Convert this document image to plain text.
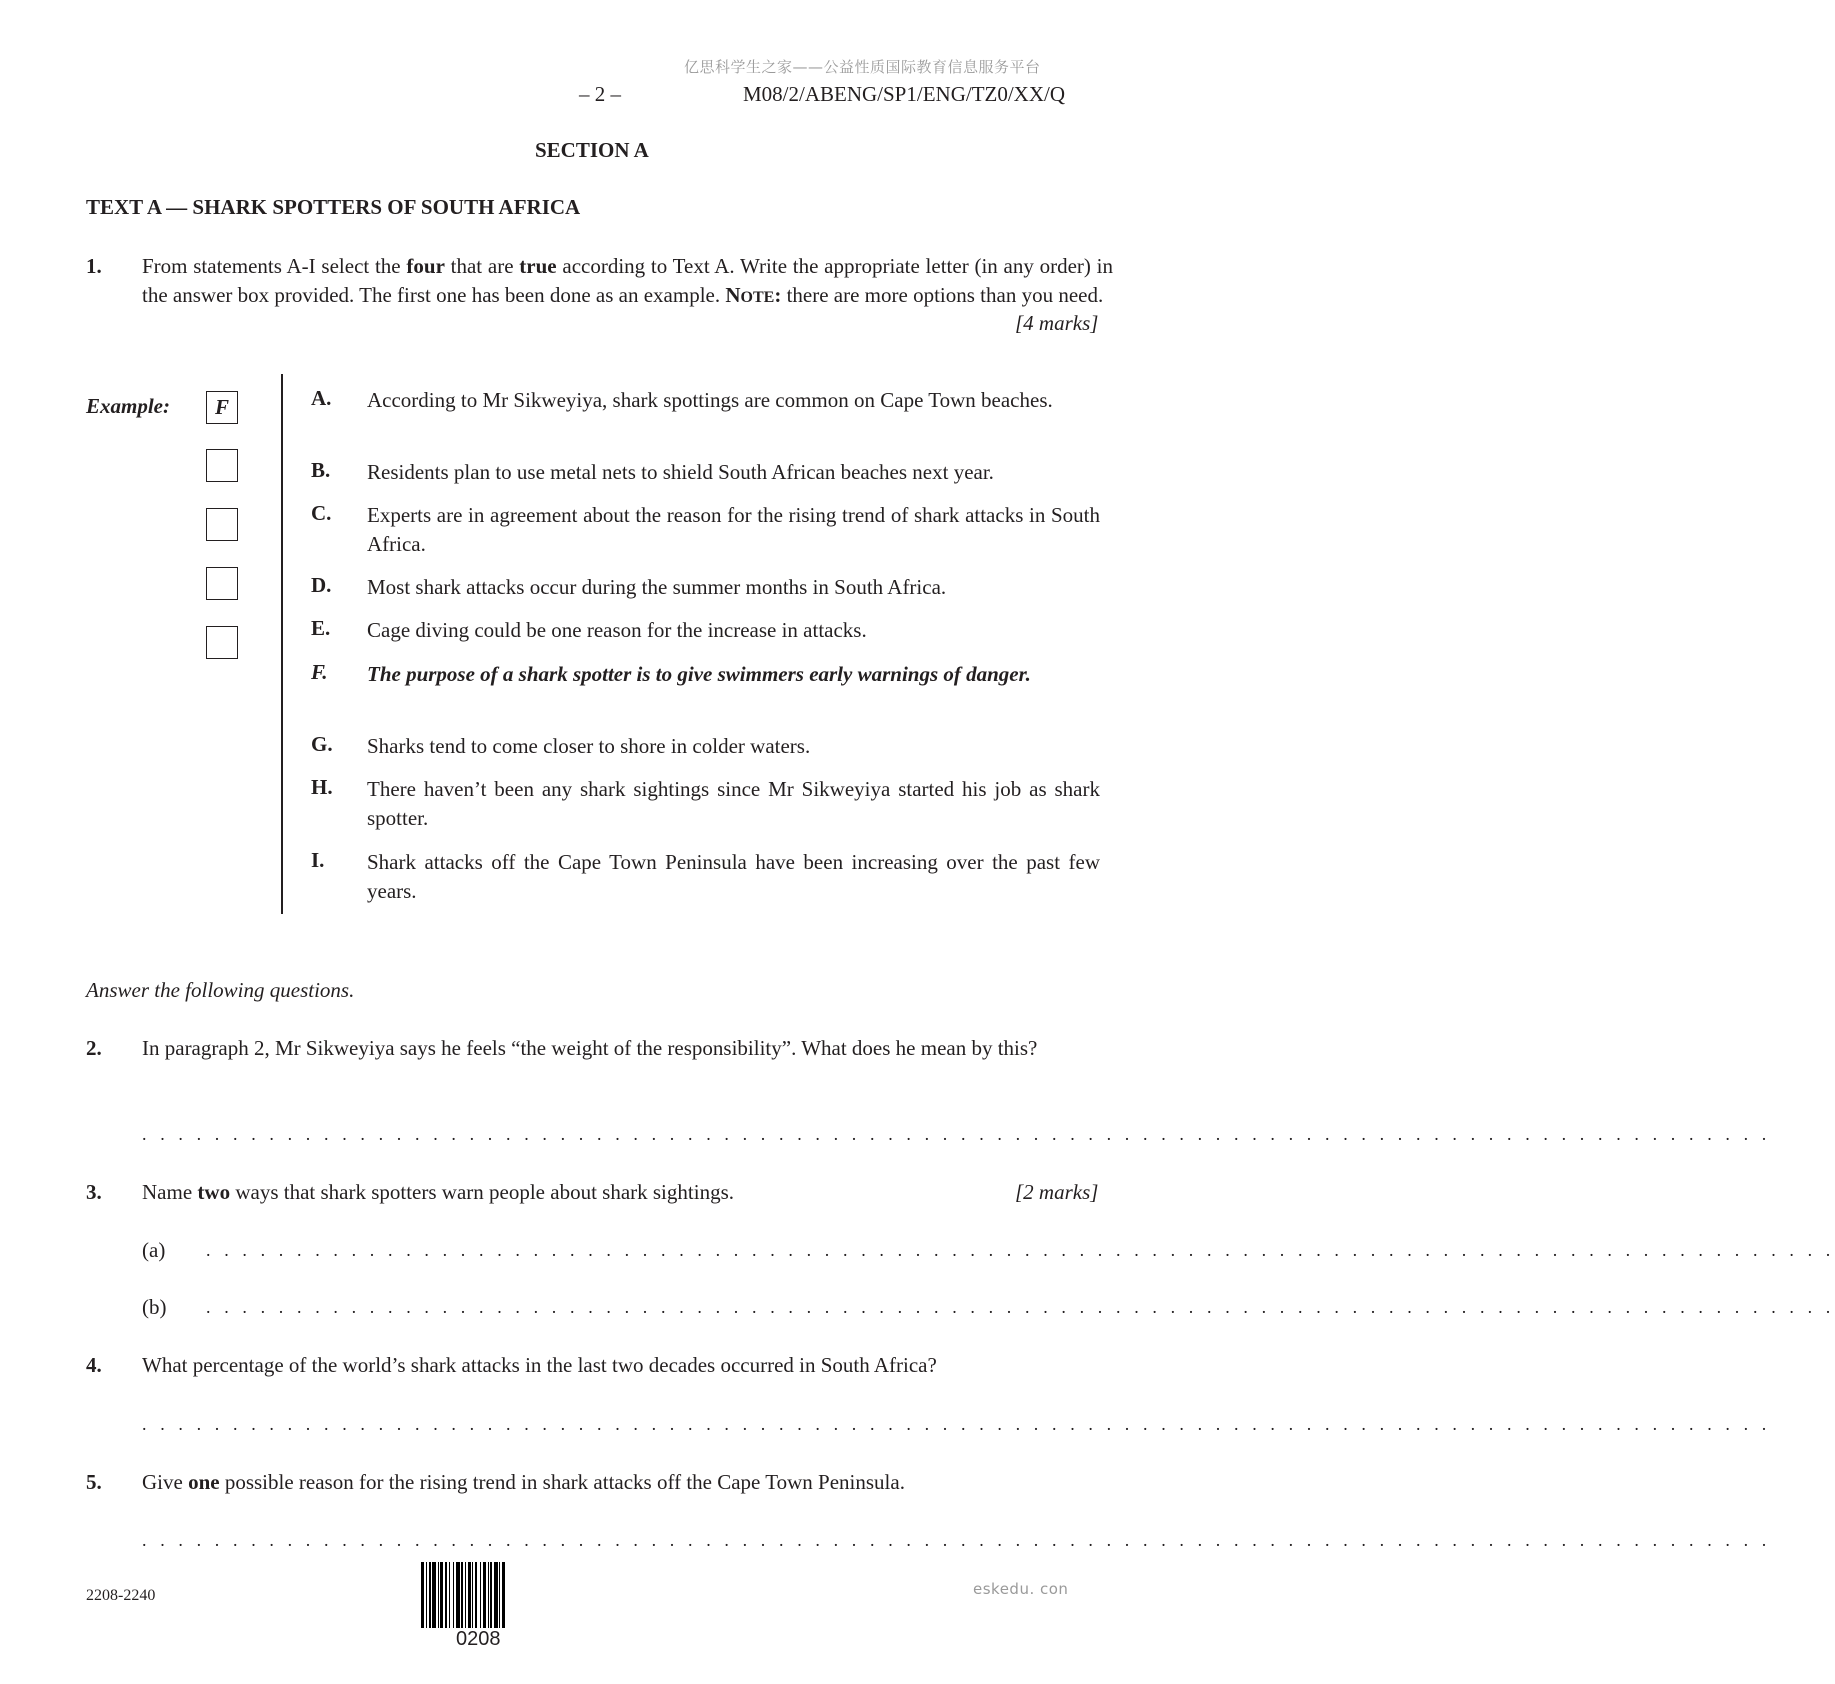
亿思科学生之家——公益性质国际教育信息服务平台
– 2 –	M08/2/ABENG/SP1/ENG/TZ0/XX/Q
SECTION A
TEXT A — SHARK SPOTTERS OF SOUTH AFRICA
1. From statements A-I select the four that are true according to Text A. Write the appropriate letter (in any order) in the answer box provided. The first one has been done as an example. NOTE: there are more options than you need.
[4 marks]
Example:	F	A. According to Mr Sikweyiya, shark spottings are common on Cape Town beaches.
B. Residents plan to use metal nets to shield South African beaches next year.
C. Experts are in agreement about the reason for the rising trend of shark attacks in South Africa.
D. Most shark attacks occur during the summer months in South Africa.
E. Cage diving could be one reason for the increase in attacks.
F. The purpose of a shark spotter is to give swimmers early warnings of danger.
G. Sharks tend to come closer to shore in colder waters.
H. There haven’t been any shark sightings since Mr Sikweyiya started his job as shark spotter.
I. Shark attacks off the Cape Town Peninsula have been increasing over the past few years.
Answer the following questions.
2. In paragraph 2, Mr Sikweyiya says he feels “the weight of the responsibility”. What does he mean by this?
. . . . . . . . . . . . . . . . . . . . . . . . . . . . . . . . . . . . . . . . . . . . . . . . . . . . . . . . . . . . . . . . . . . . . . . . . . . . . . . . . . . . . . . . . .
3. Name two ways that shark spotters warn people about shark sightings.	[2 marks]
(a) . . . . . . . . . . . . . . . . . . . . . . . . . . . . . . . . . . . . . . . . . . . . . . . . . . . . . . . . . . . . . . . . . . . . . . . . . . . . . . . . . . . . . . . . . .
(b) . . . . . . . . . . . . . . . . . . . . . . . . . . . . . . . . . . . . . . . . . . . . . . . . . . . . . . . . . . . . . . . . . . . . . . . . . . . . . . . . . . . . . . . . . .
4. What percentage of the world’s shark attacks in the last two decades occurred in South Africa?
. . . . . . . . . . . . . . . . . . . . . . . . . . . . . . . . . . . . . . . . . . . . . . . . . . . . . . . . . . . . . . . . . . . . . . . . . . . . . . . . . . . . . . . . . .
5. Give one possible reason for the rising trend in shark attacks off the Cape Town Peninsula.
. . . . . . . . . . . . . . . . . . . . . . . . . . . . . . . . . . . . . . . . . . . . . . . . . . . . . . . . . . . . . . . . . . . . . . . . . . . . . . . . . . . . . . . . . .
2208-2240
0208
eskedu. con
